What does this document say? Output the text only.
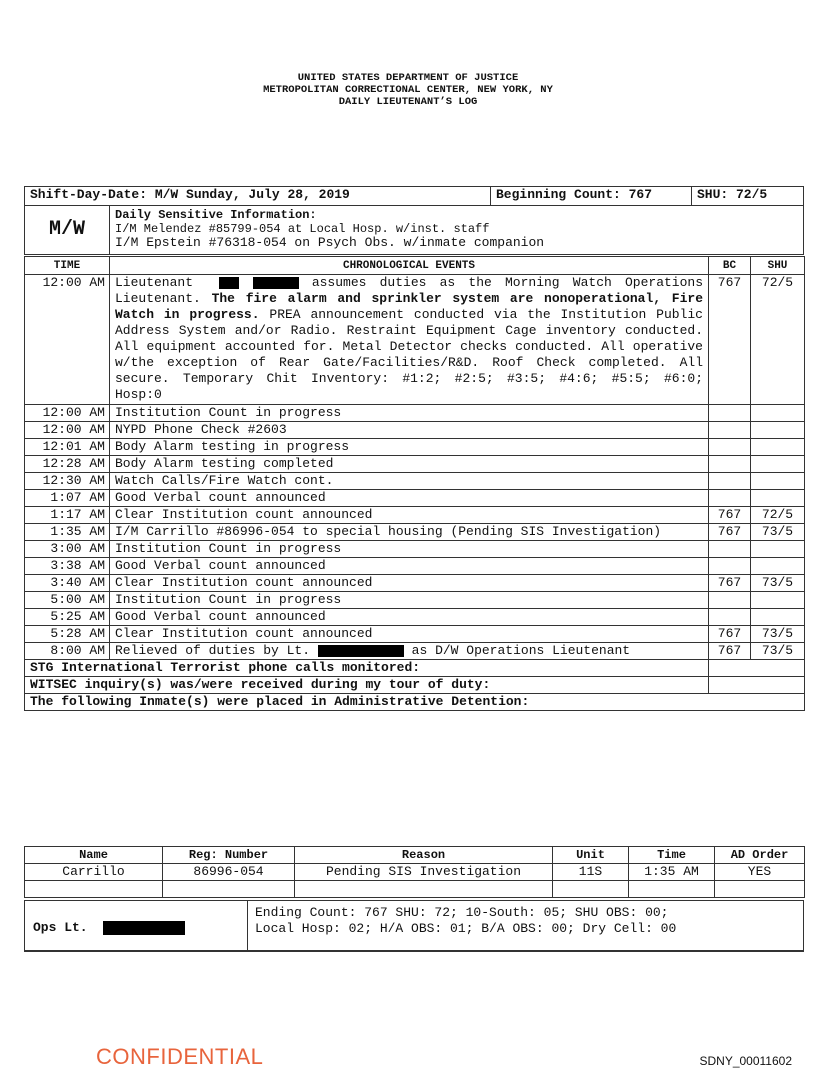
UNITED STATES DEPARTMENT OF JUSTICE
METROPOLITAN CORRECTIONAL CENTER, NEW YORK, NY
DAILY LIEUTENANT’S LOG
Shift-Day-Date: M/W Sunday, July 28, 2019	Beginning Count: 767	SHU: 72/5
M/W	
Daily Sensitive Information:
I/M Melendez #85799-054 at Local Hosp. w/inst. staff
I/M Epstein #76318-054 on Psych Obs. w/inmate companion
TIME	CHRONOLOGICAL EVENTS	BC	SHU
12:00 AM	Lieutenant assumes duties as the Morning Watch Operations Lieutenant. The fire alarm and sprinkler system are nonoperational, Fire Watch in progress. PREA announcement conducted via the Institution Public Address System and/or Radio. Restraint Equipment Cage inventory conducted. All equipment accounted for. Metal Detector checks conducted. All operative w/the exception of Rear Gate/Facilities/R&D. Roof Check completed. All secure. Temporary Chit Inventory: #1:2; #2:5; #3:5; #4:6; #5:5; #6:0; Hosp:0	767	72/5
12:00 AM	Institution Count in progress		
12:00 AM	NYPD Phone Check #2603		
12:01 AM	Body Alarm testing in progress		
12:28 AM	Body Alarm testing completed		
12:30 AM	Watch Calls/Fire Watch cont.		
1:07 AM	Good Verbal count announced		
1:17 AM	Clear Institution count announced	767	72/5
1:35 AM	I/M Carrillo #86996-054 to special housing (Pending SIS Investigation)	767	73/5
3:00 AM	Institution Count in progress		
3:38 AM	Good Verbal count announced		
3:40 AM	Clear Institution count announced	767	73/5
5:00 AM	Institution Count in progress		
5:25 AM	Good Verbal count announced		
5:28 AM	Clear Institution count announced	767	73/5
8:00 AM	Relieved of duties by Lt. as D/W Operations Lieutenant	767	73/5
STG International Terrorist phone calls monitored:			
WITSEC inquiry(s) was/were received during my tour of duty:			
The following Inmate(s) were placed in Administrative Detention:			
Name	Reg: Number	Reason	Unit	Time	AD Order
Carrillo	86996-054	Pending SIS Investigation	11S	1:35 AM	YES

Ops Lt.
Ending Count: 767 SHU: 72; 10-South: 05; SHU OBS: 00;
Local Hosp: 02; H/A OBS: 01; B/A OBS: 00; Dry Cell: 00
CONFIDENTIAL	SDNY_00011602
